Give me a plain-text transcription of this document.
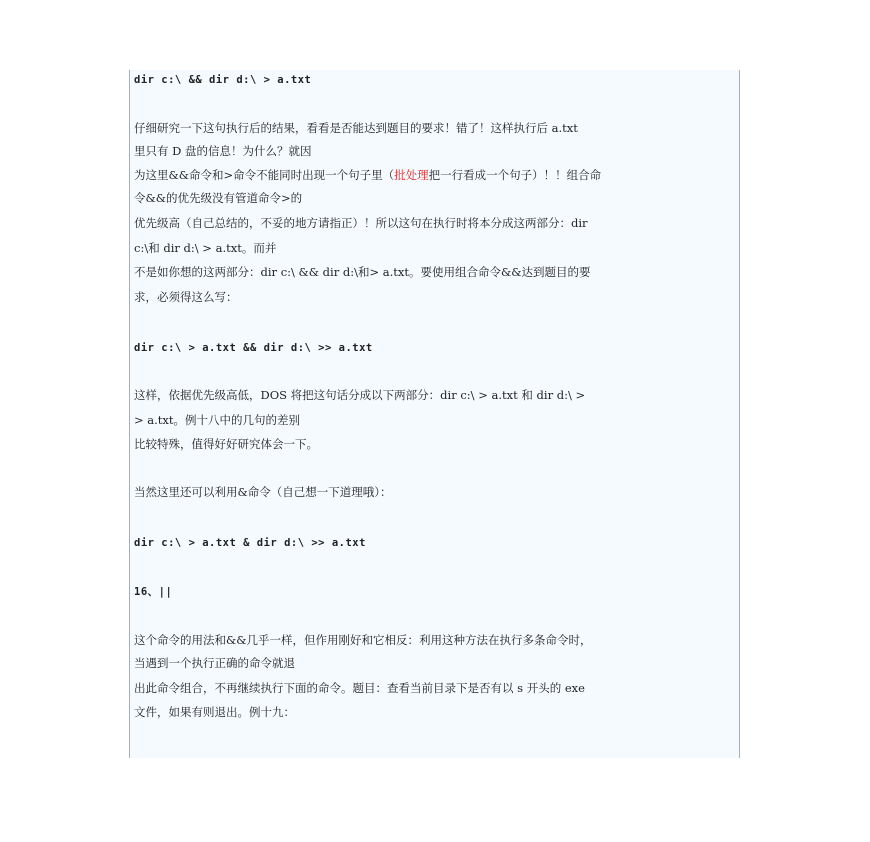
dir c:\ && dir d:\ > a.txt
仔细研究一下这句执行后的结果，看看是否能达到题目的要求！错了！这样执行后 a.txt
里只有 D 盘的信息！为什么？就因
为这里&&命令和>命令不能同时出现一个句子里（批处理把一行看成一个句子）！！组合命
令&&的优先级没有管道命令>的
优先级高（自己总结的，不妥的地方请指正）！所以这句在执行时将本分成这两部分：dir
c:\和 dir d:\ > a.txt。而并
不是如你想的这两部分：dir c:\ && dir d:\和> a.txt。要使用组合命令&&达到题目的要
求，必须得这么写：
dir c:\ > a.txt && dir d:\ >> a.txt
这样，依据优先级高低，DOS 将把这句话分成以下两部分：dir c:\ > a.txt 和 dir d:\ >
> a.txt。例十八中的几句的差别
比较特殊，值得好好研究体会一下。
当然这里还可以利用&命令（自己想一下道理哦）：
dir c:\ > a.txt & dir d:\ >> a.txt
16、||
这个命令的用法和&&几乎一样，但作用刚好和它相反：利用这种方法在执行多条命令时，
当遇到一个执行正确的命令就退
出此命令组合，不再继续执行下面的命令。题目：查看当前目录下是否有以 s 开头的 exe
文件，如果有则退出。例十九：
